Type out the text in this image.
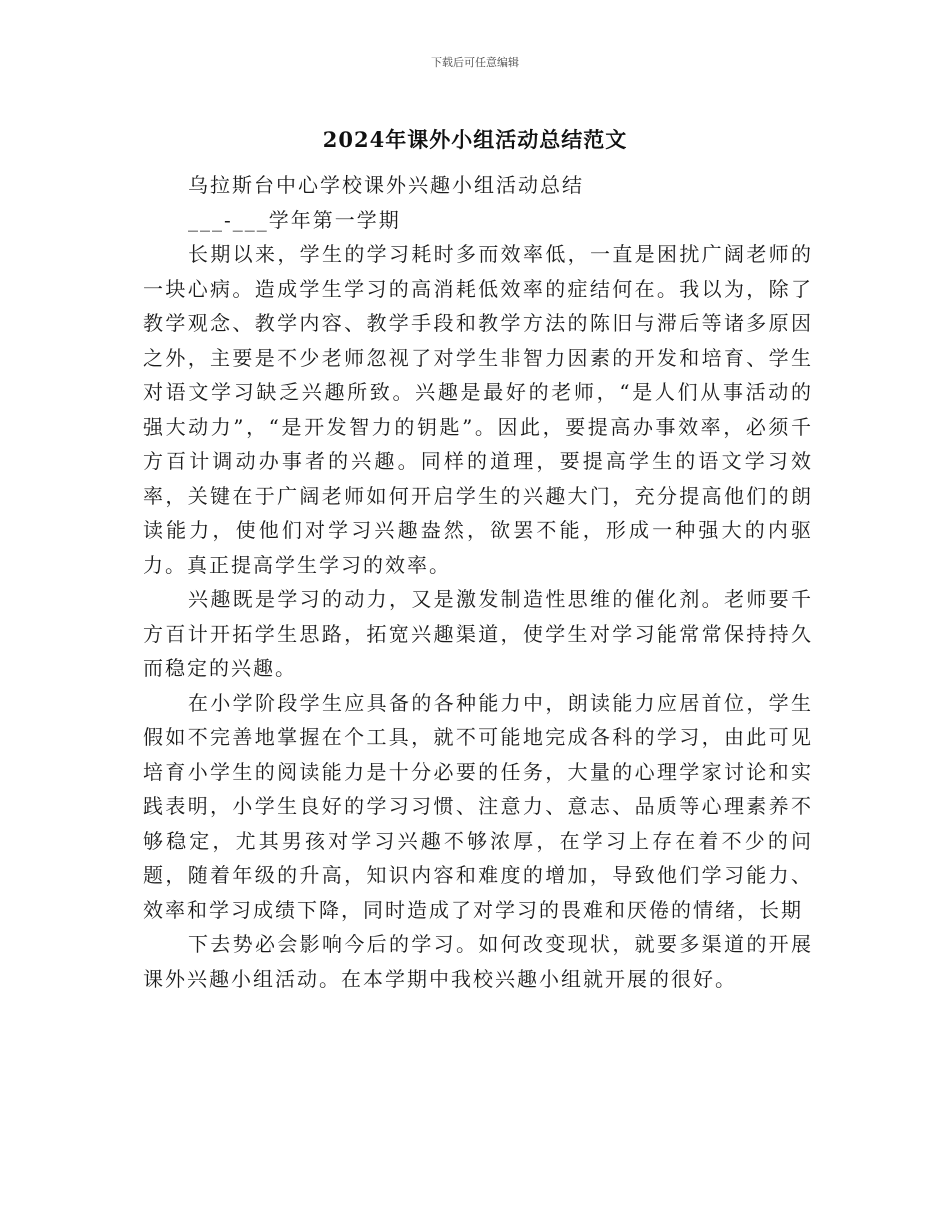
下载后可任意编辑
2024年课外小组活动总结范文

乌拉斯台中心学校课外兴趣小组活动总结

___-___学年第一学期

长期以来，学生的学习耗时多而效率低，一直是困扰广阔老师的一块心病。造成学生学习的高消耗低效率的症结何在。我以为，除了教学观念、教学内容、教学手段和教学方法的陈旧与滞后等诸多原因之外，主要是不少老师忽视了对学生非智力因素的开发和培育、学生对语文学习缺乏兴趣所致。兴趣是最好的老师，“是人们从事活动的强大动力”，“是开发智力的钥匙”。因此，要提高办事效率，必须千方百计调动办事者的兴趣。同样的道理，要提高学生的语文学习效率，关键在于广阔老师如何开启学生的兴趣大门，充分提高他们的朗读能力，使他们对学习兴趣盎然，欲罢不能，形成一种强大的内驱力。真正提高学生学习的效率。

兴趣既是学习的动力，又是激发制造性思维的催化剂。老师要千方百计开拓学生思路，拓宽兴趣渠道，使学生对学习能常常保持持久而稳定的兴趣。

在小学阶段学生应具备的各种能力中，朗读能力应居首位，学生假如不完善地掌握在个工具，就不可能地完成各科的学习，由此可见培育小学生的阅读能力是十分必要的任务，大量的心理学家讨论和实践表明，小学生良好的学习习惯、注意力、意志、品质等心理素养不够稳定，尤其男孩对学习兴趣不够浓厚，在学习上存在着不少的问题，随着年级的升高，知识内容和难度的增加，导致他们学习能力、效率和学习成绩下降，同时造成了对学习的畏难和厌倦的情绪，长期

下去势必会影响今后的学习。如何改变现状，就要多渠道的开展课外兴趣小组活动。在本学期中我校兴趣小组就开展的很好。
